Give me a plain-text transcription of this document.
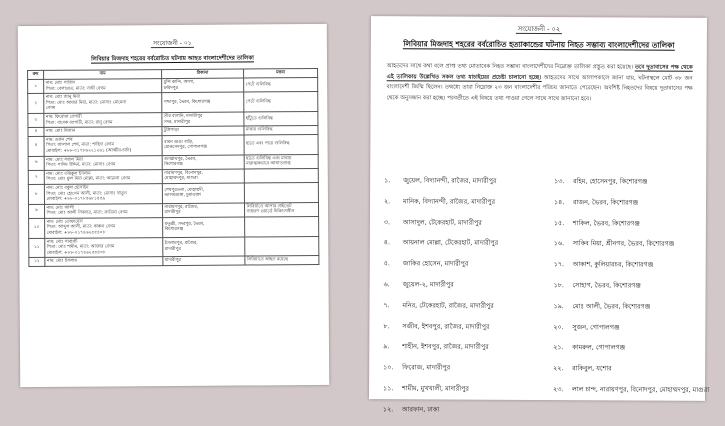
সংযোজনী - ০১
লিবিয়ার মিজদাহ শহরের বর্বরোচিত ঘটনায় আহত বাংলাদেশীদের তালিকা
ক্রম	নাম	ঠিকানা	মন্তব্য
১	নাম: মোঃ সাজিদ
পিতা: বেলায়েত, মাতা: সাথী বেগম	মুন্সি কান্দি, আলা,
ফরিদপুর	পেটে গুলিবিদ্ধ

২	নাম: মোঃ জানু মিয়া
পিতা: মোঃ আয়ার মিয়া, মাতা: মোসাঃ মোমেনা
বেগম	পশ্চাপুর, ভৈরব, কিশোরগঞ্জ	পেটে গুলিবিদ্ধ

৩	নাম: ফিরোজ বেপারী
পিতা: বাদেক ব্যাপারী, মাতা: রানু বেগম	তীর বাগানি, মাদারীপুর
সদর, মাদারীপুর	হাঁটুতে গুলিবিদ্ধ

৪	নাম: মোঃ মিজান	টুঙ্গিপাড়া	মাথায় গুলিবিদ্ধ

৫	নাম: তরুন শেখ
পিতা: জালাল শেখ, মাতা: শাহিদা বেগম
মোবাইল: +৮৮-০১৭৮৬২২১২৬১ (আত্মীয়-চাচি)	বামন ডাঙা বাড়ি,
মোকসেদপুর, গোপালগঞ্জ	হাতে এবং পায়ে গুলিবিদ্ধ

৬	নাম: মোঃ সজল মিয়া
পিতা: সাদিম উদ্দিন, মাতা: মোসাঃ বেগম	জগন্নাথপুর, ভৈরব,
কিশোরগঞ্জ	হাতে গুলিবিদ্ধ এবং মাথায়
মারাত্মকভাবে আঘাতপ্রাপ্ত

৭	নাম: মোঃ তরিকুল ইসলাম
পিতা: মোঃ ফুল মিয়া মোল্লা, মাতা: আমেনা বেগম	নারায়ণপুর, বিনোদপুর,
মোহাম্মদপুর, মাগুরা	

৮	নাম: মোঃ বকুল হোসাইন
পিতা: মোঃ হোসেন আলী, মাতা: মোসাঃ খাতুন
মোবাইল: +৮৮-০১৭৮৫৬৮১৪৫৯	শেখপুরতলা, মোহাম্মদী,
আলমডাঙ্গা, চুয়াডাঙ্গা	

৯	নাম: মোঃ আলী
পিতা: মোঃ আলী সিকদার, মাতা: ফাতিমা বেগম	নারায়ণপুর, রাজৈর,
মাদারীপুর	লিবিয়াতে আপার প্রাইভেট
সাধারণ ওয়ার্ডে চিকিৎসাধীন

১০	নাম: মোঃ তোফায়েল
পিতা: আব্দুল আলী, মাতা: কাঞ্চন বেগম
মোবাইল: +৮৮-০১৭৪৬২৫৫৪০৮	ফতুল্লী, সদরপুর, ভৈরব,
কিশোরগঞ্জ	

১১	নাম: মোঃ সাবাজী
পিতা: মোঃ শামীম, মাতা: আক্তার বেগম
মোবাইল: +৮৮-০১৭৪৬২৫৫৪০৮	ইসলামপুর, রাজৈর,
মাদারীপুর	

১২	নাম: মোঃ ইসলাম	মাদারীপুর	লিবিয়াতে আহত রয়েছে
সংযোজনী - ০২
লিবিয়ার মিজদাহ শহরের বর্বরোচিত হত্যাকান্ডের ঘটনায় নিহত সম্ভাব্য বাংলাদেশীদের তালিকা
আহতদের সাথে কথা বলে প্রাপ্ত তথ্য মোতাবেক নিহত সম্ভাব্য বাংলাদেশীদের নিম্নোক্ত তালিকা প্রস্তুত করা হয়েছে। তবে দূতাবাসের পক্ষ থেকে এই তালিকায় উল্লেখিত সকল তথ্য যাচাইয়ের প্রচেষ্টা চালানো হচ্ছে। আহতদের সাথে আলাপকালে জানা যায়, ঘটনাস্থলে মোট ৩৮ জন বাংলাদেশী জিম্মি ছিলেন। তন্মধ্যে তারা নিম্নোক্ত ২৩ জন বাংলাদেশীর পরিচয় জানাতে পেরেছেন। অবশিষ্ট নিহতদের বিষয়ে দূতাবাসের পক্ষ থেকে অনুসন্ধান করা হচ্ছে। পরবর্তীতে এই বিষয়ে তথ্য পাওয়া গেলে সাথে সাথে জানানো হবে।
১. জুয়েল, বিদ্যানন্দী, রাজৈর, মাদারীপুর
২. মানিক, বিদ্যানন্দী, রাজৈর, মাদারীপুর
৩. আসাদুল, টেকেরহাট, মাদারীপুর
৪. আয়নাল মোল্লা, টেকেরহাট, মাদারীপুর
৫. জাকির হোসেন, মাদারীপুর
৬. জুয়েল-২, মাদারীপুর
৭. মনির, টেকেরহাট, রাজৈর, মাদারীপুর
৮. সজীব, ইশবপুর, রাজৈর, মাদারীপুর
৯. শাহীন, ইশবপুর, রাজৈর, মাদারীপুর
১০. ফিরোজ, মাদারীপুর
১১. শামীম, মুখখালী, মাদারীপুর
১২. আরফান, ঢাকা
১৩. রহিম, হোসেনপুর, কিশোরগঞ্জ
১৪. রাজন, ভৈরব, কিশোরগঞ্জ
১৫. শাকিল, ভৈরব, কিশোরগঞ্জ
১৬. সাকিব মিয়া, শ্রীনগর, ভৈরব, কিশোরগঞ্জ
১৭. আকাশ, কুলিয়ারচর, কিশোরগঞ্জ
১৮. সোহাগ, ভৈরব, কিশোরগঞ্জ
১৯. মোঃ আলী, ভৈরব, কিশোরগঞ্জ
২০. সুজন, গোপালগঞ্জ
২১. কামরুল, গোপালগঞ্জ
২২. রাকিবুল, যশোর
২৩. লাল চান্দ, নারায়ণপুর, বিনোদপুর, মোহাম্মদপুর, মাগুরা
